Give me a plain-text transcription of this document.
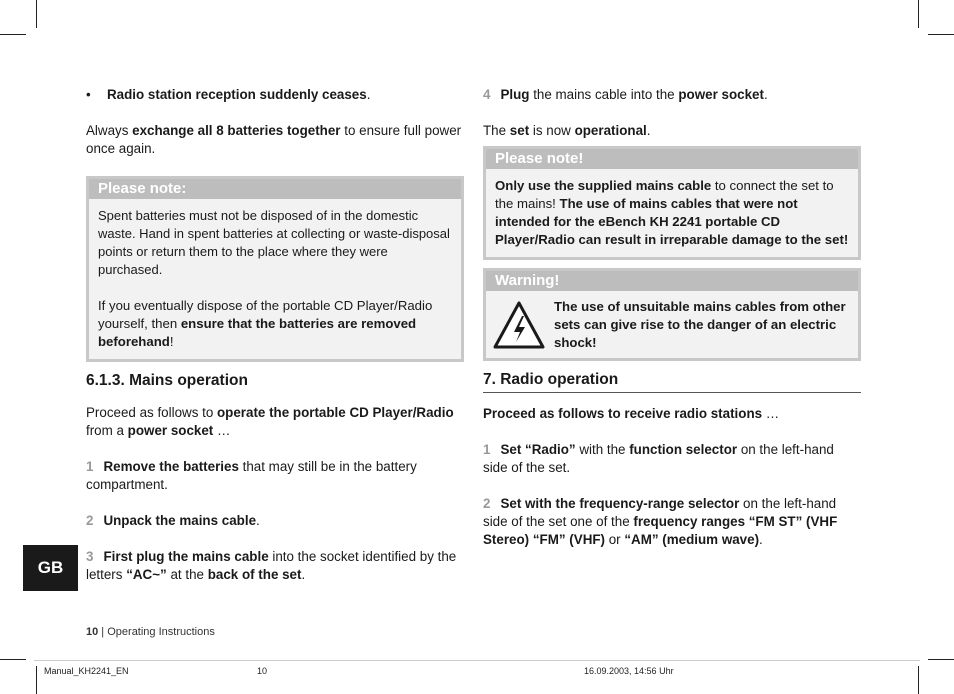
• Radio station reception suddenly ceases.
Always exchange all 8 batteries together to ensure full power once again.
Please note:
Spent batteries must not be disposed of in the domestic waste. Hand in spent batteries at collecting or waste-disposal points or return them to the place where they were purchased.
If you eventually dispose of the portable CD Player/Radio yourself, then ensure that the batteries are removed beforehand!
6.1.3. Mains operation
Proceed as follows to operate the portable CD Player/Radio from a power socket …
1 Remove the batteries that may still be in the battery compartment.
2 Unpack the mains cable.
3 First plug the mains cable into the socket identified by the letters “AC~” at the back of the set.
4 Plug the mains cable into the power socket.
The set is now operational.
Please note!
Only use the supplied mains cable to connect the set to the mains! The use of mains cables that were not intended for the eBench KH 2241 portable CD Player/Radio can result in irreparable damage to the set!
Warning!
The use of unsuitable mains cables from other sets can give rise to the danger of an electric shock!
7. Radio operation
Proceed as follows to receive radio stations …
1 Set “Radio” with the function selector on the left-hand side of the set.
2 Set with the frequency-range selector on the left-hand side of the set one of the frequency ranges “FM ST” (VHF Stereo) “FM” (VHF) or “AM” (medium wave).
GB
10 | Operating Instructions
Manual_KH2241_EN	10	16.09.2003, 14:56 Uhr
